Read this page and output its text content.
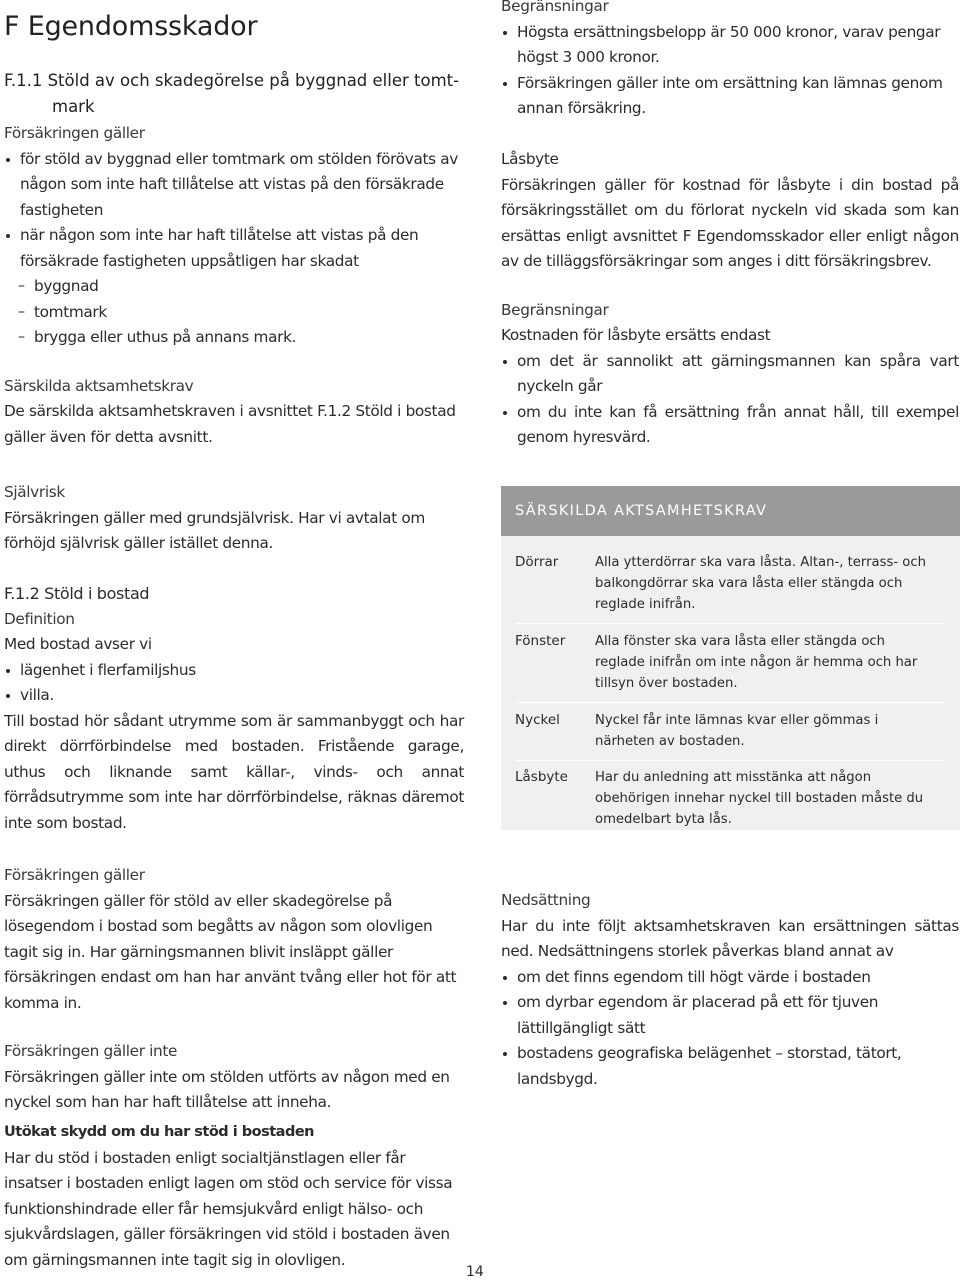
F Egendomsskador
F.1.1 Stöld av och skadegörelse på byggnad eller tomt-
mark

Försäkringen gäller

för stöld av byggnad eller tomtmark om stölden förövats av någon som inte haft tillåtelse att vistas på den försäkrade fastigheten
när någon som inte har haft tillåtelse att vistas på den försäkrade fastigheten uppsåtligen har skadat
– byggnad
– tomtmark
– brygga eller uthus på annans mark.

Särskilda aktsamhetskrav

De särskilda aktsamhetskraven i avsnittet F.1.2 Stöld i bostad gäller även för detta avsnitt.

Självrisk

Försäkringen gäller med grundsjälvrisk. Har vi avtalat om förhöjd självrisk gäller istället denna.

F.1.2 Stöld i bostad

Definition

Med bostad avser vi

lägenhet i flerfamiljshus
villa.

Till bostad hör sådant utrymme som är sammanbyggt och har direkt dörrförbindelse med bostaden. Fristående garage, uthus och liknande samt källar-, vinds- och annat förrådsutrymme som inte har dörrförbindelse, räknas däremot inte som bostad.

Försäkringen gäller

Försäkringen gäller för stöld av eller skadegörelse på lösegendom i bostad som begåtts av någon som olovligen tagit sig in. Har gärningsmannen blivit insläppt gäller försäkringen endast om han har använt tvång eller hot för att komma in.

Försäkringen gäller inte

Försäkringen gäller inte om stölden utförts av någon med en nyckel som han har haft tillåtelse att inneha.

Utökat skydd om du har stöd i bostaden

Har du stöd i bostaden enligt socialtjänstlagen eller får insatser i bostaden enligt lagen om stöd och service för vissa funktionshindrade eller får hemsjukvård enligt hälso- och sjukvårdslagen, gäller försäkringen vid stöld i bostaden även om gärningsmannen inte tagit sig in olovligen.

Begränsningar

Högsta ersättningsbelopp är 50 000 kronor, varav pengar högst 3 000 kronor.
Försäkringen gäller inte om ersättning kan lämnas genom annan försäkring.

Låsbyte

Försäkringen gäller för kostnad för låsbyte i din bostad på försäkringsstället om du förlorat nyckeln vid skada som kan ersättas enligt avsnittet F Egendomsskador eller enligt någon av de tilläggsförsäkringar som anges i ditt försäkringsbrev.

Begränsningar

Kostnaden för låsbyte ersätts endast

om det är sannolikt att gärningsmannen kan spåra vart nyckeln går
om du inte kan få ersättning från annat håll, till exempel genom hyresvärd.
SÄRSKILDA AKTSAMHETSKRAV
Dörrar	Alla ytterdörrar ska vara låsta. Altan-, terrass- och balkongdörrar ska vara låsta eller stängda och reglade inifrån.
Fönster Alla fönster ska vara låsta eller stängda och reglade inifrån om inte någon är hemma och har tillsyn över bostaden.
Nyckel	Nyckel får inte lämnas kvar eller gömmas i närheten av bostaden.
Låsbyte Har du anledning att misstänka att någon obehörigen innehar nyckel till bostaden måste du omedelbart byta lås.

Nedsättning

Har du inte följt aktsamhetskraven kan ersättningen sättas ned. Nedsättningens storlek påverkas bland annat av

om det finns egendom till högt värde i bostaden
om dyrbar egendom är placerad på ett för tjuven lättillgängligt sätt
bostadens geografiska belägenhet – storstad, tätort, landsbygd.
14
